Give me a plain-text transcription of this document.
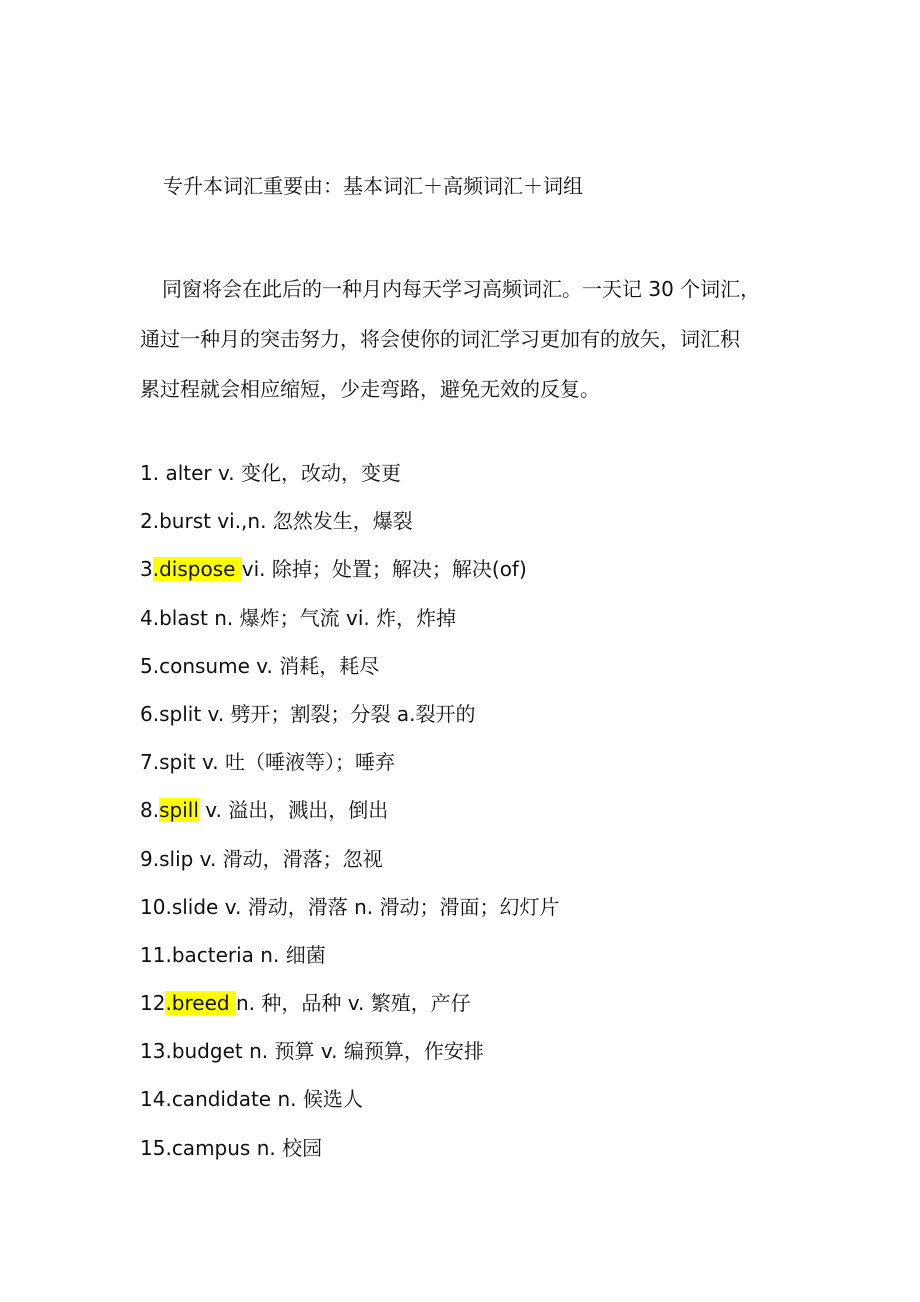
专升本词汇重要由：基本词汇＋高频词汇＋词组

同窗将会在此后的一种月内每天学习高频词汇。一天记 30 个词汇，

通过一种月的突击努力，将会使你的词汇学习更加有的放矢，词汇积

累过程就会相应缩短，少走弯路，避免无效的反复。

1. alter v. 变化，改动，变更
2.burst vi.,n. 忽然发生，爆裂
3.dispose vi. 除掉；处置；解决；解决(of)
4.blast n. 爆炸；气流 vi. 炸，炸掉
5.consume v. 消耗，耗尽
6.split v. 劈开；割裂；分裂 a.裂开的
7.spit v. 吐（唾液等）；唾弃
8.spill v. 溢出，溅出，倒出
9.slip v. 滑动，滑落；忽视
10.slide v. 滑动，滑落 n. 滑动；滑面；幻灯片
11.bacteria n. 细菌
12.breed n. 种，品种 v. 繁殖，产仔
13.budget n. 预算 v. 编预算，作安排
14.candidate n. 候选人
15.campus n. 校园
